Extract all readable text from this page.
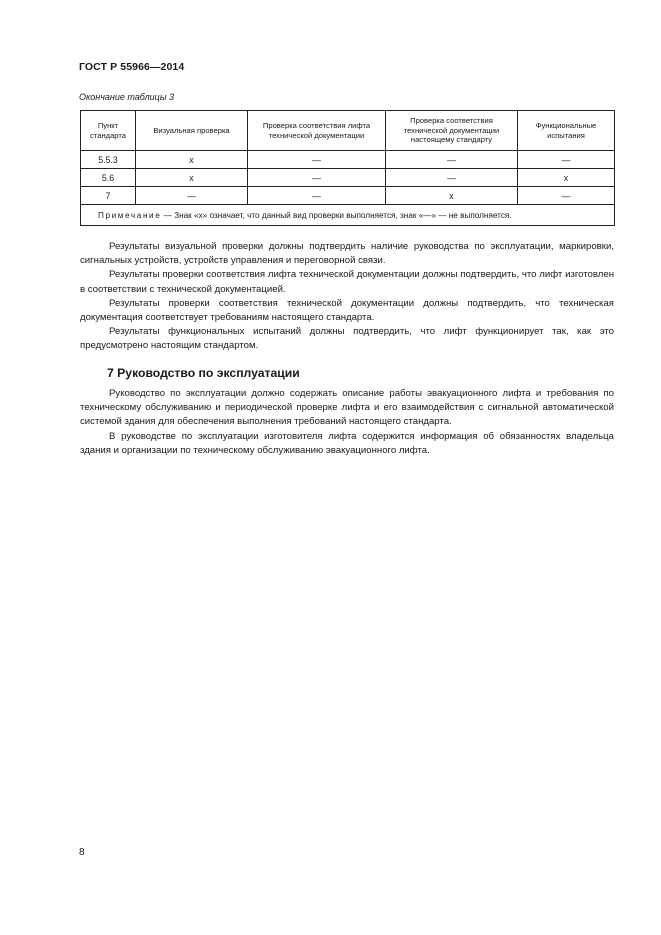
ГОСТ Р 55966—2014
Окончание таблицы 3
Пункт стандарта	Визуальная проверка	Проверка соответствия лифта технической документации	Проверка соответствия технической документации настоящему стандарту	Функциональные испытания
5.5.3	х	—	—	—
5.6	х	—	—	х
7	—	—	х	—
Примечание — Знак «х» означает, что данный вид проверки выполняется, знак «—» — не выполняется.				

Результаты визуальной проверки должны подтвердить наличие руководства по эксплуатации, маркировки, сигнальных устройств, устройств управления и переговорной связи.

Результаты проверки соответствия лифта технической документации должны подтвердить, что лифт изготовлен в соответствии с технической документацией.

Результаты проверки соответствия технической документации должны подтвердить, что техническая документация соответствует требованиям настоящего стандарта.

Результаты функциональных испытаний должны подтвердить, что лифт функционирует так, как это предусмотрено настоящим стандартом.

7 Руководство по эксплуатации

Руководство по эксплуатации должно содержать описание работы эвакуационного лифта и требования по техническому обслуживанию и периодической проверке лифта и его взаимодействия с сигнальной автоматической системой здания для обеспечения выполнения требований настоящего стандарта.

В руководстве по эксплуатации изготовителя лифта содержится информация об обязанностях владельца здания и организации по техническому обслуживанию эвакуационного лифта.

8
